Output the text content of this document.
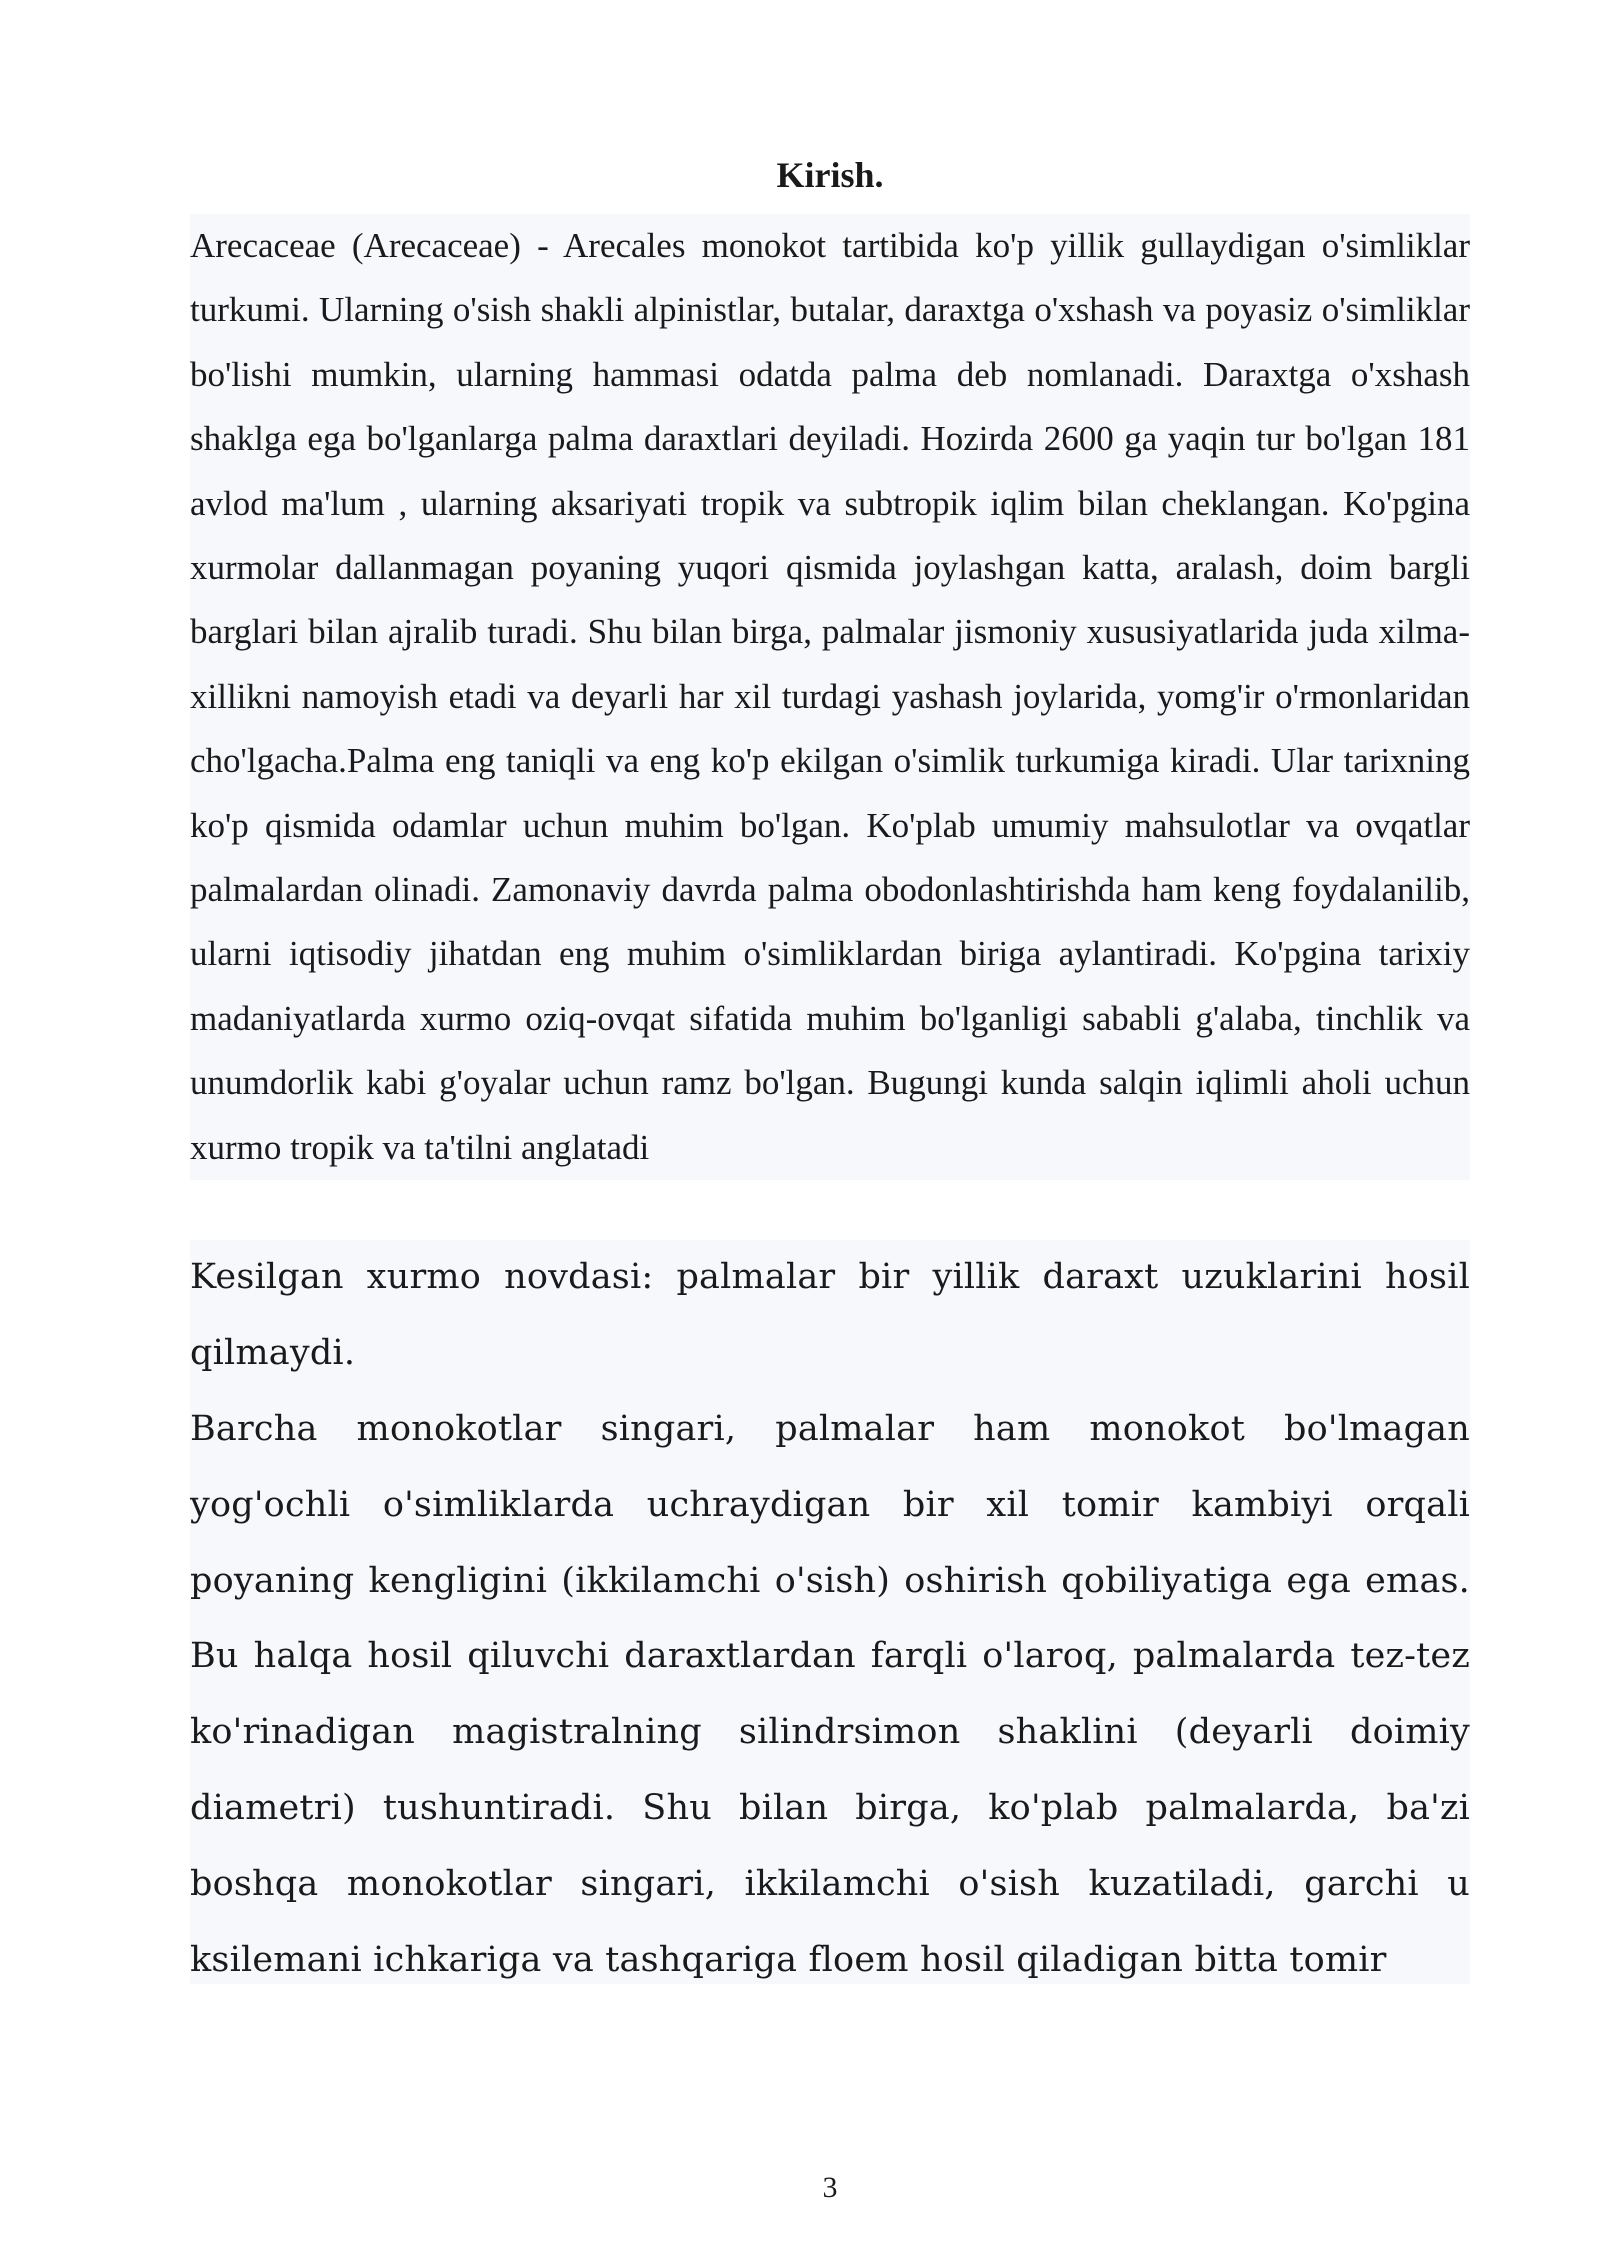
Kirish.

Arecaceae (Arecaceae) - Arecales monokot tartibida ko'p yillik gullaydigan o'simliklar turkumi. Ularning o'sish shakli alpinistlar, butalar, daraxtga o'xshash va poyasiz o'simliklar bo'lishi mumkin, ularning hammasi odatda palma deb nomlanadi. Daraxtga o'xshash shaklga ega bo'lganlarga palma daraxtlari deyiladi. Hozirda 2600 ga yaqin tur bo'lgan 181 avlod ma'lum , ularning aksariyati tropik va subtropik iqlim bilan cheklangan. Ko'pgina xurmolar dallanmagan poyaning yuqori qismida joylashgan katta, aralash, doim bargli barglari bilan ajralib turadi. Shu bilan birga, palmalar jismoniy xususiyatlarida juda xilma-xillikni namoyish etadi va deyarli har xil turdagi yashash joylarida, yomg'ir o'rmonlaridan cho'lgacha.Palma eng taniqli va eng ko'p ekilgan o'simlik turkumiga kiradi. Ular tarixning ko'p qismida odamlar uchun muhim bo'lgan. Ko'plab umumiy mahsulotlar va ovqatlar palmalardan olinadi. Zamonaviy davrda palma obodonlashtirishda ham keng foydalanilib, ularni iqtisodiy jihatdan eng muhim o'simliklardan biriga aylantiradi. Ko'pgina tarixiy madaniyatlarda xurmo oziq-ovqat sifatida muhim bo'lganligi sababli g'alaba, tinchlik va unumdorlik kabi g'oyalar uchun ramz bo'lgan. Bugungi kunda salqin iqlimli aholi uchun xurmo tropik va ta'tilni anglatadi

Kesilgan xurmo novdasi: palmalar bir yillik daraxt uzuklarini hosil qilmaydi.

Barcha monokotlar singari, palmalar ham monokot bo'lmagan yog'ochli o'simliklarda uchraydigan bir xil tomir kambiyi orqali poyaning kengligini (ikkilamchi o'sish) oshirish qobiliyatiga ega emas. Bu halqa hosil qiluvchi daraxtlardan farqli o'laroq, palmalarda tez-tez ko'rinadigan magistralning silindrsimon shaklini (deyarli doimiy diametri) tushuntiradi. Shu bilan birga, ko'plab palmalarda, ba'zi boshqa monokotlar singari, ikkilamchi o'sish kuzatiladi, garchi u ksilemani ichkariga va tashqariga floem hosil qiladigan bitta tomir

3
